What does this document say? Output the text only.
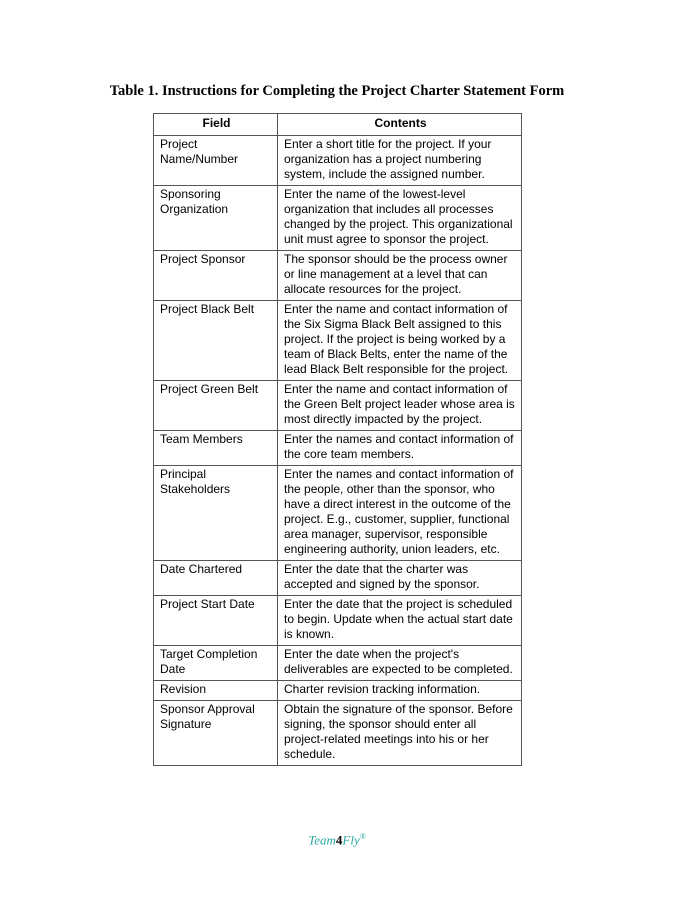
Table 1. Instructions for Completing the Project Charter Statement Form
Field	Contents
Project Name/Number	Enter a short title for the project. If your organization has a project numbering system, include the assigned number.
Sponsoring Organization	Enter the name of the lowest-level organization that includes all processes changed by the project. This organizational unit must agree to sponsor the project.
Project Sponsor	The sponsor should be the process owner or line management at a level that can allocate resources for the project.
Project Black Belt	Enter the name and contact information of the Six Sigma Black Belt assigned to this project. If the project is being worked by a team of Black Belts, enter the name of the lead Black Belt responsible for the project.
Project Green Belt	Enter the name and contact information of the Green Belt project leader whose area is most directly impacted by the project.
Team Members	Enter the names and contact information of the core team members.
Principal Stakeholders	Enter the names and contact information of the people, other than the sponsor, who have a direct interest in the outcome of the project. E.g., customer, supplier, functional area manager, supervisor, responsible engineering authority, union leaders, etc.
Date Chartered	Enter the date that the charter was accepted and signed by the sponsor.
Project Start Date	Enter the date that the project is scheduled to begin. Update when the actual start date is known.
Target Completion Date	Enter the date when the project's deliverables are expected to be completed.
Revision	Charter revision tracking information.
Sponsor Approval Signature	Obtain the signature of the sponsor. Before signing, the sponsor should enter all project-related meetings into his or her schedule.
Team4Fly®
